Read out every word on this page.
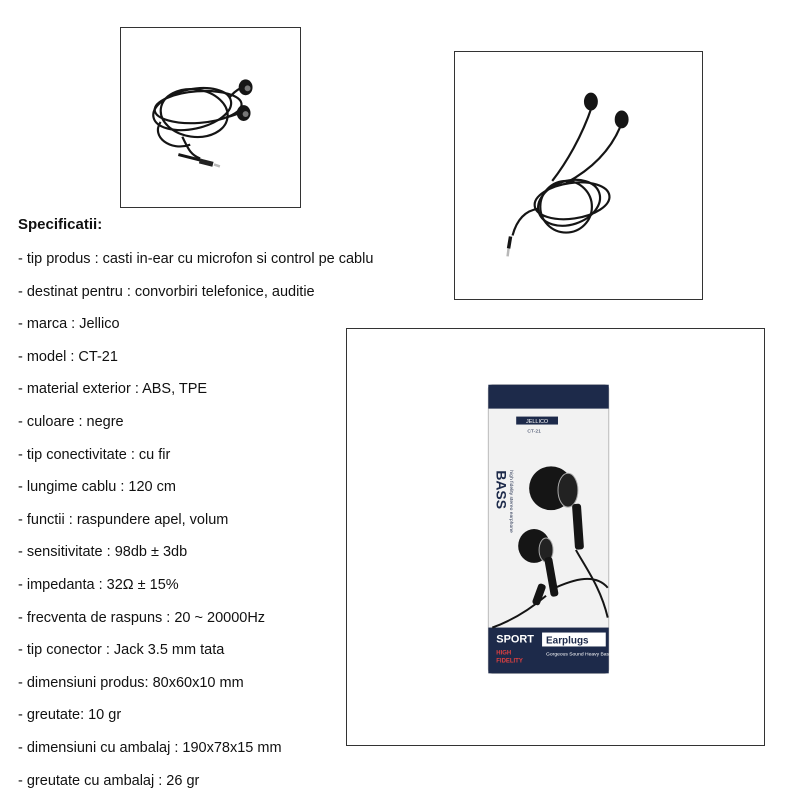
JELLICO
CT-21
BASS
high fidelity stereo earphone
SPORT Earplugs
HIGH
FIDELITY
Gorgeous Sound Heavy Bass
Specificatii:
- tip produs : casti in-ear cu microfon si control pe cablu
- destinat pentru : convorbiri telefonice, auditie
- marca : Jellico
- model : CT-21
- material exterior : ABS, TPE
- culoare : negre
- tip conectivitate : cu fir
- lungime cablu : 120 cm
- functii : raspundere apel, volum
- sensitivitate : 98db ± 3db
- impedanta : 32Ω ± 15%
- frecventa de raspuns : 20 ~ 20000Hz
- tip conector : Jack 3.5 mm tata
- dimensiuni produs: 80x60x10 mm
- greutate: 10 gr
- dimensiuni cu ambalaj : 190x78x15 mm
- greutate cu ambalaj : 26 gr
